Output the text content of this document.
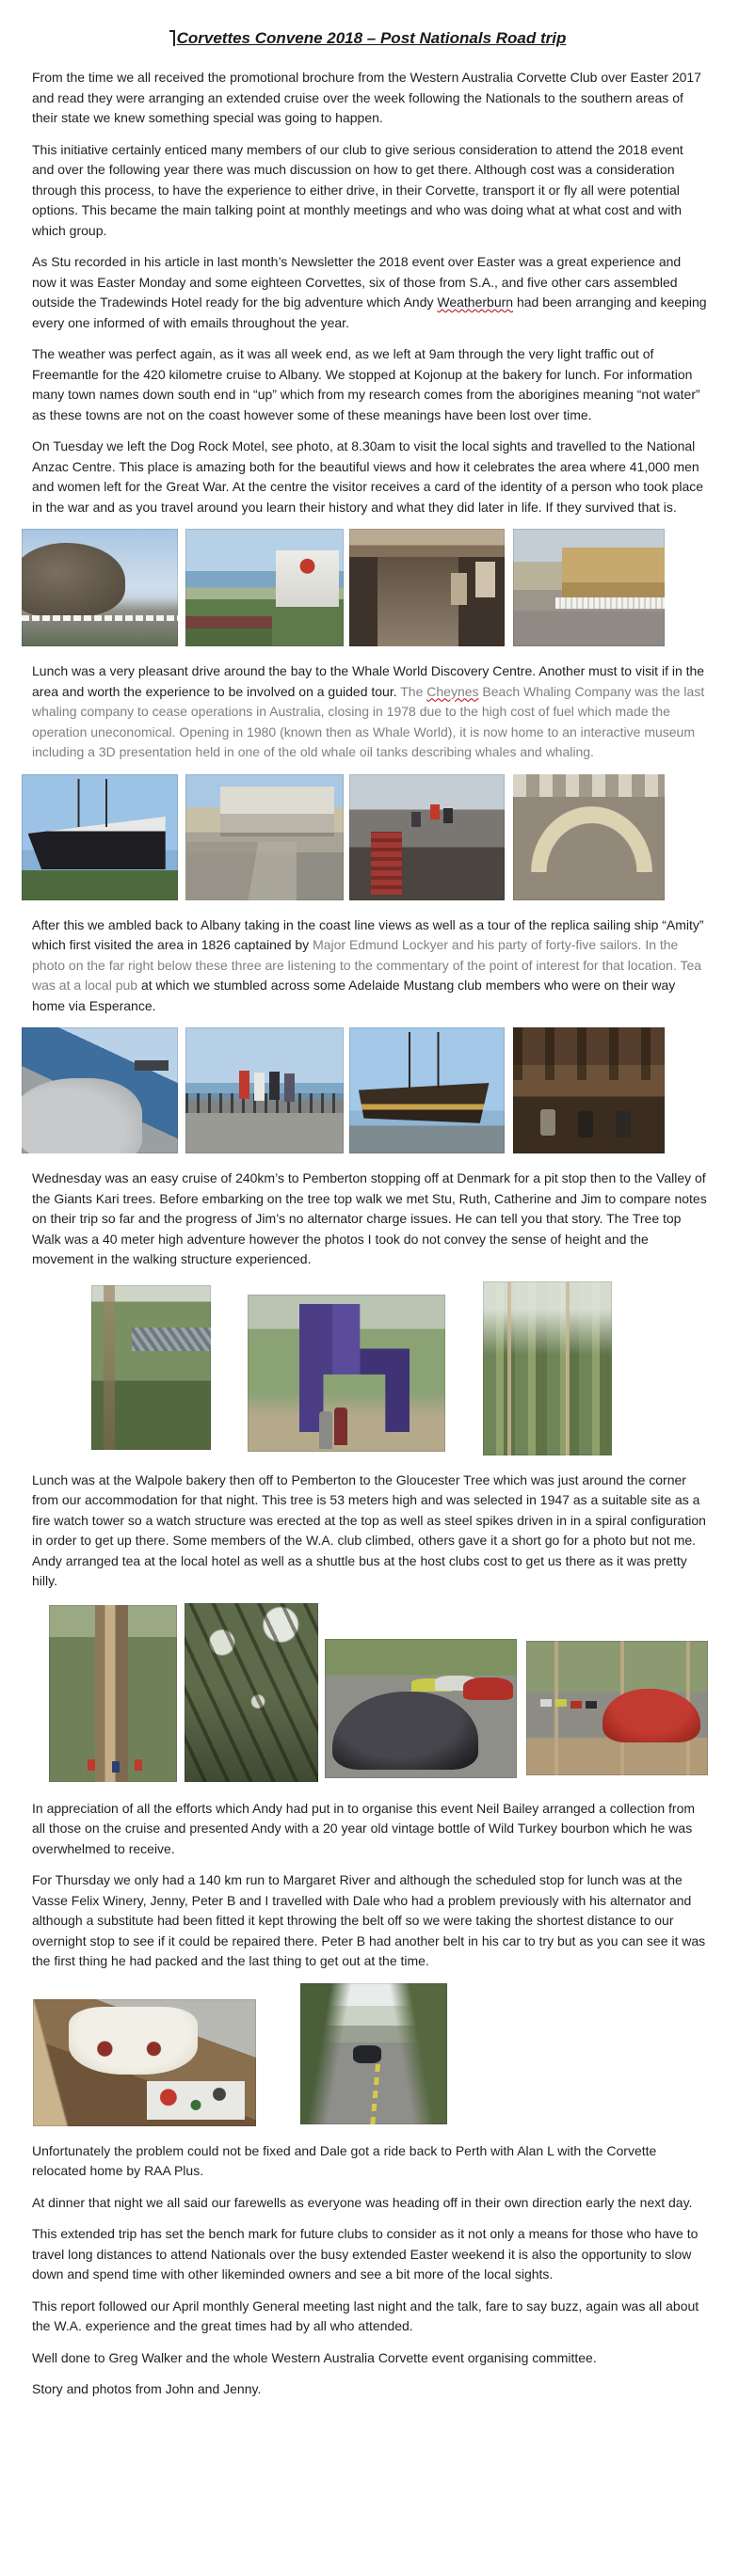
Corvettes Convene 2018 – Post Nationals Road trip

From the time we all received the promotional brochure from the Western Australia Corvette Club over Easter 2017 and read they were arranging an extended cruise over the week following the Nationals to the southern areas of their state we knew something special was going to happen.

This initiative certainly enticed many members of our club to give serious consideration to attend the 2018 event and over the following year there was much discussion on how to get there. Although cost was a consideration through this process, to have the experience to either drive, in their Corvette, transport it or fly all were potential options. This became the main talking point at monthly meetings and who was doing what at what cost and with which group.

As Stu recorded in his article in last month’s Newsletter the 2018 event over Easter was a great experience and now it was Easter Monday and some eighteen Corvettes, six of those from S.A., and five other cars assembled outside the Tradewinds Hotel ready for the big adventure which Andy Weatherburn had been arranging and keeping every one informed of with emails throughout the year.

The weather was perfect again, as it was all week end, as we left at 9am through the very light traffic out of Freemantle for the 420 kilometre cruise to Albany. We stopped at Kojonup at the bakery for lunch. For information many town names down south end in “up” which from my research comes from the aborigines meaning “not water” as these towns are not on the coast however some of these meanings have been lost over time.

On Tuesday we left the Dog Rock Motel, see photo, at 8.30am to visit the local sights and travelled to the National Anzac Centre. This place is amazing both for the beautiful views and how it celebrates the area where 41,000 men and women left for the Great War. At the centre the visitor receives a card of the identity of a person who took place in the war and as you travel around you learn their history and what they did later in life. If they survived that is.

Lunch was a very pleasant drive around the bay to the Whale World Discovery Centre. Another must to visit if in the area and worth the experience to be involved on a guided tour. The Cheynes Beach Whaling Company was the last whaling company to cease operations in Australia, closing in 1978 due to the high cost of fuel which made the operation uneconomical. Opening in 1980 (known then as Whale World), it is now home to an interactive museum including a 3D presentation held in one of the old whale oil tanks describing whales and whaling.

After this we ambled back to Albany taking in the coast line views as well as a tour of the replica sailing ship “Amity” which first visited the area in 1826 captained by Major Edmund Lockyer and his party of forty-five sailors. In the photo on the far right below these three are listening to the commentary of the point of interest for that location. Tea was at a local pub at which we stumbled across some Adelaide Mustang club members who were on their way home via Esperance.

Wednesday was an easy cruise of 240km’s to Pemberton stopping off at Denmark for a pit stop then to the Valley of the Giants Kari trees. Before embarking on the tree top walk we met Stu, Ruth, Catherine and Jim to compare notes on their trip so far and the progress of Jim’s no alternator charge issues. He can tell you that story. The Tree top Walk was a 40 meter high adventure however the photos I took do not convey the sense of height and the movement in the walking structure experienced.

Lunch was at the Walpole bakery then off to Pemberton to the Gloucester Tree which was just around the corner from our accommodation for that night. This tree is 53 meters high and was selected in 1947 as a suitable site as a fire watch tower so a watch structure was erected at the top as well as steel spikes driven in in a spiral configuration in order to get up there. Some members of the W.A. club climbed, others gave it a short go for a photo but not me. Andy arranged tea at the local hotel as well as a shuttle bus at the host clubs cost to get us there as it was pretty hilly.

In appreciation of all the efforts which Andy had put in to organise this event Neil Bailey arranged a collection from all those on the cruise and presented Andy with a 20 year old vintage bottle of Wild Turkey bourbon which he was overwhelmed to receive.

For Thursday we only had a 140 km run to Margaret River and although the scheduled stop for lunch was at the Vasse Felix Winery, Jenny, Peter B and I travelled with Dale who had a problem previously with his alternator and although a substitute had been fitted it kept throwing the belt off so we were taking the shortest distance to our overnight stop to see if it could be repaired there. Peter B had another belt in his car to try but as you can see it was the first thing he had packed and the last thing to get out at the time.

Unfortunately the problem could not be fixed and Dale got a ride back to Perth with Alan L with the Corvette relocated home by RAA Plus.

At dinner that night we all said our farewells as everyone was heading off in their own direction early the next day.

This extended trip has set the bench mark for future clubs to consider as it not only a means for those who have to travel long distances to attend Nationals over the busy extended Easter weekend it is also the opportunity to slow down and spend time with other likeminded owners and see a bit more of the local sights.

This report followed our April monthly General meeting last night and the talk, fare to say buzz, again was all about the W.A. experience and the great times had by all who attended.

Well done to Greg Walker and the whole Western Australia Corvette event organising committee.

Story and photos from John and Jenny.
